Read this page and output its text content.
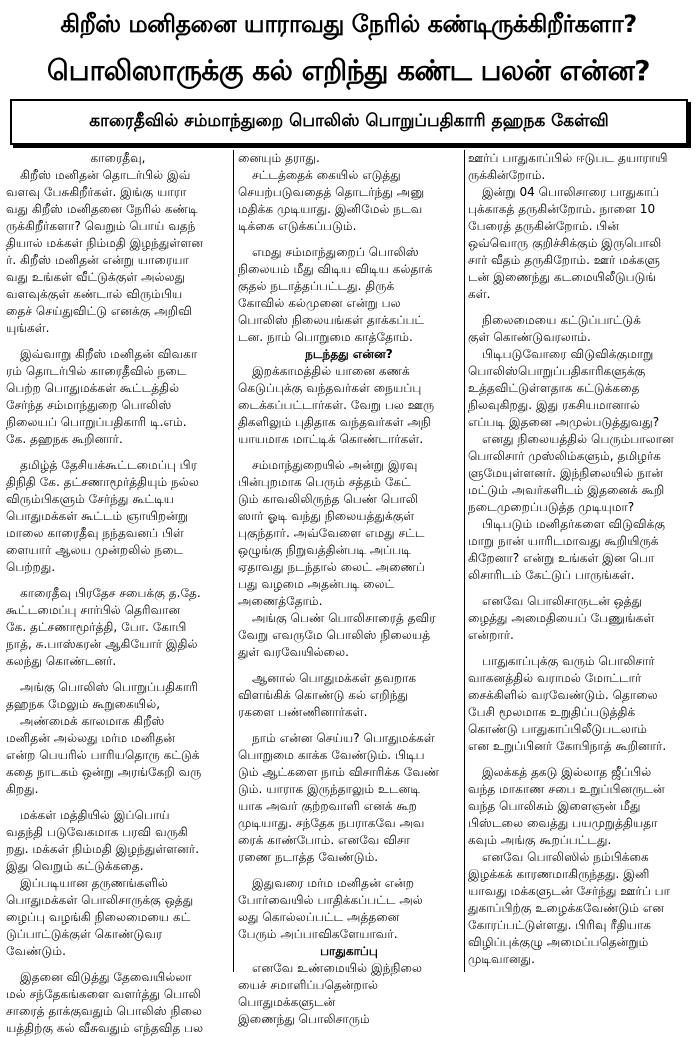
கிறீஸ் மனிதனை யாராவது நேரில் கண்டிருக்கிறீர்களா?
பொலிஸாருக்கு கல் எறிந்து கண்ட பலன் என்ன?
காரைதீவில் சம்மாந்துறை பொலிஸ் பொறுப்பதிகாரி தஹநக கேள்வி
காரைதீவு,
கிறீஸ் மனிதன் தொடர்பில் இவ்
வளவு பேசுகிறீர்கள். இங்கு யாரா
வது கிறீஸ் மனிதனை நேரில் கண்டி
ருக்கிறீர்களா? வெறும் பொய் வதந்
தியால் மக்கள் நிம்மதி இழந்துள்ளன
ர். கிறீஸ் மனிதன் என்று யாரையா
வது உங்கள் வீட்டுக்குள் அல்லது
வளவுக்குள் கண்டால் விரும்பிய
தைச் செய்துவிட்டு எனக்கு அறிவி
யுங்கள்.
இவ்வாறு கிறீஸ் மனிதன் விவகா
ரம் தொடர்பில் காரைதீவில் நடை
பெற்ற பொதுமக்கள் கூட்டத்தில்
சேர்ந்த சம்மாந்துறை பொலிஸ்
நிலையப் பொறுப்பதிகாரி டி.எம்.
கே. தஹநக கூறினார்.
தமிழ்த் தேசியக்கூட்டமைப்பு பிர
திநிதி கே. தட்சணாமூர்த்தியும் நல்ல
விரும்பிகளும் சேர்ந்து கூட்டிய
பொதுமக்கள் கூட்டம் ஞாயிறன்று
மாலை காரைதீவு நந்தவனப் பிள்
ளையார் ஆலய முன்றலில் நடை
பெற்றது.
காரைதீவு பிரதேச சபைக்கு த.தே.
கூட்டமைப்பு சார்பில் தெரிவான
கே. தட்சணாமூர்த்தி, போ. கோபி
நாத், சு.பாஸ்கரன் ஆகியோர் இதில்
கலந்து கொண்டனர்.
அங்கு பொலிஸ் பொறுப்பதிகாரி
தஹநக மேலும் கூறுகையில்,
அண்மைக் காலமாக கிறீஸ்
மனிதன் அல்லது மர்ம மனிதன்
என்ற பெயரில் பாரியதொரு கட்டுக்
கதை நாடகம் ஒன்று அரங்கேறி வரு
கிறது.
மக்கள் மத்தியில் இப்பொய்
வதந்தி படுவேகமாக பரவி வருகி
றது. மக்கள் நிம்மதி இழந்துள்ளனர்.
இது வெறும் கட்டுக்கதை.
இப்படியான தருணங்களில்
பொதுமக்கள் பொலிசாருக்கு ஒத்து
ழைப்பு வழங்கி நிலைமையை கட்
டுப்பாட்டுக்குள் கொண்டுவர
வேண்டும்.
இதனை விடுத்து தேவையில்லா
மல் சந்தேகங்களை வளர்த்து பொலி
சாரைத் தாக்குவதும் பொலிஸ் நிலை
யத்திற்கு கல் வீசுவதும் எந்தவித பல
னையும் தராது.
சட்டத்தைக் கையில் எடுத்து
செயற்படுவதைத் தொடர்ந்து அனு
மதிக்க முடியாது. இனிமேல் நடவ
டிக்கை எடுக்கப்படும்.
எமது சம்மாந்துறைப் பொலிஸ்
நிலையம் மீது விடிய விடிய கல்தாக்
குதல் நடாத்தப்பட்டது. திருக்
கோவில் கல்முனை என்று பல
பொலிஸ் நிலையங்கள் தாக்கப்பட்
டன. நாம் பொறுமை காத்தோம்.
நடந்தது என்ன?
இறக்காமத்தில் யானை கணக்
கெடுப்புக்கு வந்தவர்கள் நையப்பு
டைக்கப்பட்டார்கள். வேறு பல ஊரு
திகளிலும் புதிதாக வந்தவர்கள் அநி
யாயமாக மாட்டிக் கொண்டார்கள்.
சம்மாந்துறையில் அன்று இரவு
பின்புறமாக பெரும் சத்தம் கேட்
டும் காவலிலிருந்த பெண் பொலி
ஸார் ஓடி வந்து நிலையத்துக்குள்
புகுந்தார். அவ்வேளை எமது சட்ட
ஒழுங்கு நிறுவத்தின்படி அப்படி
ஏதாவது நடந்தால் லைட் அணைப்
பது வழமை அதன்படி லைட்
அணைத்தோம்.
அங்கு பெண் பொலிசாரைத் தவிர
வேறு எவருமே பொலிஸ் நிலையத்
துள் வரவேயில்லை.
ஆனால் பொதுமக்கள் தவறாக
விளங்கிக் கொண்டு கல் எறிந்து
ரகளை பண்ணினார்கள்.
நாம் என்ன செய்ய? பொதுமக்கள்
பொறுமை காக்க வேண்டும். பிடிப
டும் ஆட்களை நாம் விசாரிக்க வேண்
டும். யாராக இருந்தாலும் உடனடி
யாக அவர் குற்றவாளி எனக் கூற
முடியாது. சந்தேக நபராகவே அவ
ரைக் காண்போம். எனவே விசா
ரணை நடாத்த வேண்டும்.
இதுவரை மர்ம மனிதன் என்ற
போர்வையில் பாதிக்கப்பட்ட அல்
லது கொல்லப்பட்ட அத்தனை
பேரும் அப்பாவிகளேயாவர்.
பாதுகாப்பு
எனவே உண்மையில் இந்நிலை
யைச் சமாளிப்பதென்றால்
பொதுமக்களுடன்
இணைந்து பொலிசாரும்
ஊர்ப் பாதுகாப்பில் ஈடுபட தயாராயி
ருக்கின்றோம்.
இன்று 04 பொலிசாரை பாதுகாப்
புக்காகத் தருகின்றோம். நாளை 10
பேரைத் தருகின்றோம். பின்
ஒவ்வொரு குறிச்சிக்கும் இருபொலி
சார் வீதம் தருகிறோம். ஊர் மக்களு
டன் இணைந்து கடமையிலீடுபடுங்
கள்.
நிலைமையை கட்டுப்பாட்டுக்
குள் கொண்டுவரலாம்.
பிடிபடுவோரை விடுவிக்குமாறு
பொலிஸ்பொறுப்பதிகாரிகளுக்கு
உத்தவிட்டுள்ளதாக கட்டுக்கதை
நிலவுகிறது. இது ரகசியமானால்
எப்படி இதனை அமுல்படுத்துவது?
எனது நிலையத்தில் பெரும்பாலான
பொலிசார் முஸ்லிம்களும், தமிழர்க
ளுமேயுள்ளனர். இந்நிலையில் நான்
மட்டும் அவர்களிடம் இதனைக் கூறி
நடைமுறைப்படுத்த முடியுமா?
பிடிபடும் மனிதர்களை விடுவிக்கு
மாறு நான் யாரிடமாவது கூறியிருக்
கிறேனா? என்று உங்கள் இன பொ
லிசாரிடம் கேட்டுப் பாருங்கள்.
எனவே பொலிசாருடன் ஒத்து
ழைத்து அமைதியைப் பேணுங்கள்
என்றார்.
பாதுகாப்புக்கு வரும் பொலிசார்
வாகனத்தில் வராமல் மோட்டார்
சைக்கிளில் வரவேண்டும். தொலை
பேசி மூலமாக உறுதிப்படுத்திக்
கொண்டு பாதுகாப்பிலீடுபடலாம்
என உறுப்பினர் கோபிநாத் கூறினார்.
இலக்கத் தகடு இல்லாத ஜீப்பில்
வந்த மாகாண சபை உறுப்பினருடன்
வந்த பொலிசும் இளைஞன் மீது
பிஸ்டலை வைத்து பயமுறுத்தியதா
கவும் அங்கு கூறப்பட்டது.
எனவே பொலிஸில் நம்பிக்கை
இழக்கக் காரணமாகிருந்தது. இனி
யாவது மக்களுடன் சேர்ந்து ஊர்ப் பா
துகாப்பிற்கு உழைக்கவேண்டும் என
கோரப்பட்டுள்ளது. பிரிவு ரீதியாக
விழிப்புக்குழு அமைப்பதென்றும்
முடிவானது.
